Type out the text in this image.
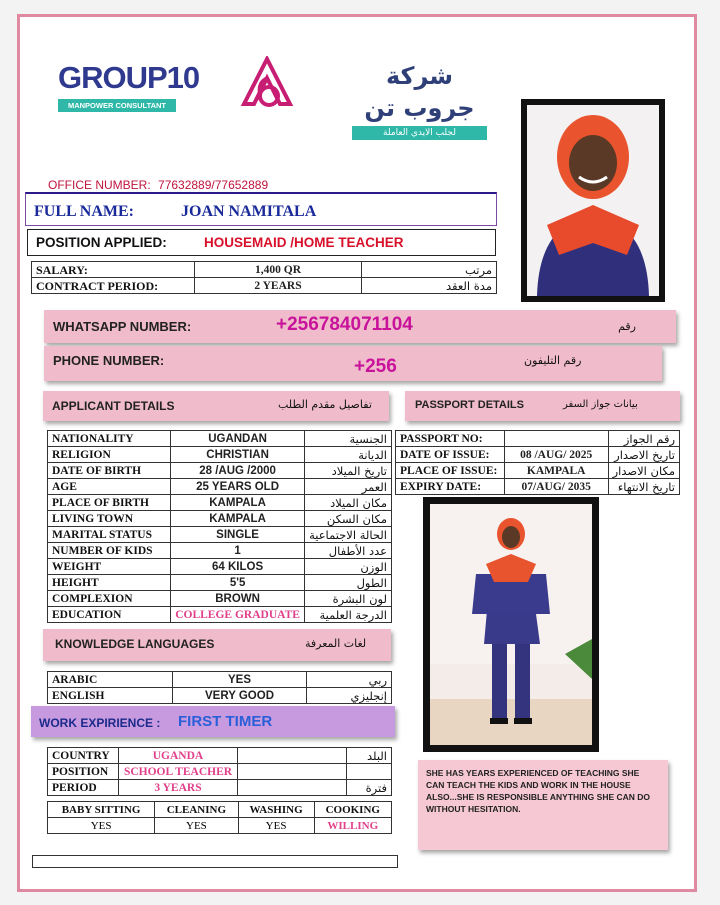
GROUP10
MANPOWER CONSULTANT
شركة جروب تن
لجلب الايدي العاملة
OFFICE NUMBER: 77632889/77652889
FULL NAME:	JOAN NAMITALA
POSITION APPLIED:	HOUSEMAID /HOME TEACHER
SALARY:	1,400 QR	مرتب
CONTRACT PERIOD:	2 YEARS	مدة العقد
WHATSAPP NUMBER:	+256784071104	رقم
PHONE NUMBER:	+256	رقم التليفون
APPLICANT DETAILS	تفاصيل مقدم الطلب	PASSPORT DETAILS	بيانات جواز السفر
NATIONALITY	UGANDAN	الجنسية
RELIGION	CHRISTIAN	الديانة
DATE OF BIRTH	28 /AUG /2000	تاريخ الميلاد
AGE	25 YEARS OLD	العمر
PLACE OF BIRTH	KAMPALA	مكان الميلاد
LIVING TOWN	KAMPALA	مكان السكن
MARITAL STATUS	SINGLE	الحالة الاجتماعية
NUMBER OF KIDS	1	عدد الأطفال
WEIGHT	64 KILOS	الوزن
HEIGHT	5'5	الطول
COMPLEXION	BROWN	لون البشرة
EDUCATION	COLLEGE GRADUATE	الدرجة العلمية
PASSPORT NO:		رقم الجواز
DATE OF ISSUE:	08 /AUG/ 2025	تاريخ الاصدار
PLACE OF ISSUE:	KAMPALA	مكان الاصدار
EXPIRY DATE:	07/AUG/ 2035	تاريخ الانتهاء
KNOWLEDGE LANGUAGES	لغات المعرفة
ARABIC	YES	ربي
ENGLISH	VERY GOOD	إنجليزي
WORK EXPIRIENCE : FIRST TIMER
COUNTRY	UGANDA		البلد
POSITION	SCHOOL TEACHER		
PERIOD	3 YEARS		فترة
BABY SITTING	CLEANING	WASHING	COOKING
YES	YES	YES	WILLING
SHE HAS YEARS EXPERIENCED OF TEACHING SHE CAN TEACH THE KIDS AND WORK IN THE HOUSE ALSO...SHE IS RESPONSIBLE ANYTHING SHE CAN DO WITHOUT HESITATION.
